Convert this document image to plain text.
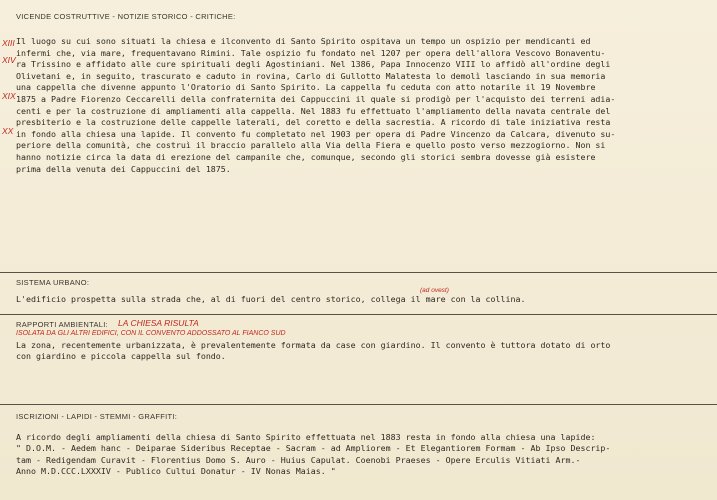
VICENDE COSTRUTTIVE - NOTIZIE STORICO - CRITICHE:
Il luogo su cui sono situati la chiesa e ilconvento di Santo Spirito ospitava un tempo un ospizio per mendicanti ed
infermi che, via mare, frequentavano Rimini. Tale ospizio fu fondato nel 1207 per opera dell'allora Vescovo Bonaventu-
ra Trissino e affidato alle cure spirituali degli Agostiniani. Nel 1386, Papa Innocenzo VIII lo affidò all'ordine degli
Olivetani e, in seguito, trascurato e caduto in rovina, Carlo di Gullotto Malatesta lo demolì lasciando in sua memoria
una cappella che divenne appunto l'Oratorio di Santo Spirito. La cappella fu ceduta con atto notarile il 19 Novembre
1875 a Padre Fiorenzo Ceccarelli della confraternita dei Cappuccini il quale si prodigò per l'acquisto dei terreni adia-
centi e per la costruzione di ampliamenti alla cappella. Nel 1883 fu effettuato l'ampliamento della navata centrale del
presbiterio e la costruzione delle cappelle laterali, del coretto e della sacrestia. A ricordo di tale iniziativa resta
in fondo alla chiesa una lapide. Il convento fu completato nel 1903 per opera di Padre Vincenzo da Calcara, divenuto su-
periore della comunità, che costruì il braccio parallelo alla Via della Fiera e quello posto verso mezzogiorno. Non si
hanno notizie circa la data di erezione del campanile che, comunque, secondo gli storici sembra dovesse già esistere
prima della venuta dei Cappuccini del 1875.
XIII
XIV
XIX
XX
SISTEMA URBANO:
L'edificio prospetta sulla strada che, al di fuori del centro storico, collega il mare con la collina.
(ad ovest)
RAPPORTI AMBIENTALI: LA CHIESA RISULTA
ISOLATA DA GLI ALTRI EDIFICI, CON IL CONVENTO ADDOSSATO AL FIANCO SUD
La zona, recentemente urbanizzata, è prevalentemente formata da case con giardino. Il convento è tuttora dotato di orto
con giardino e piccola cappella sul fondo.
ISCRIZIONI - LAPIDI - STEMMI - GRAFFITI:
A ricordo degli ampliamenti della chiesa di Santo Spirito effettuata nel 1883 resta in fondo alla chiesa una lapide:
" D.O.M. - Aedem hanc - Deiparae Sideribus Receptae - Sacram - ad Ampliorem - Et Elegantiorem Formam - Ab Ipso Descrip-
tam - Redigendam Curavit - Florentius Domo S. Auro - Huius Capulat. Coenobi Praeses - Opere Erculis Vitiati Arm.-
Anno M.D.CCC.LXXXIV - Publico Cultui Donatur - IV Nonas Maias. "
